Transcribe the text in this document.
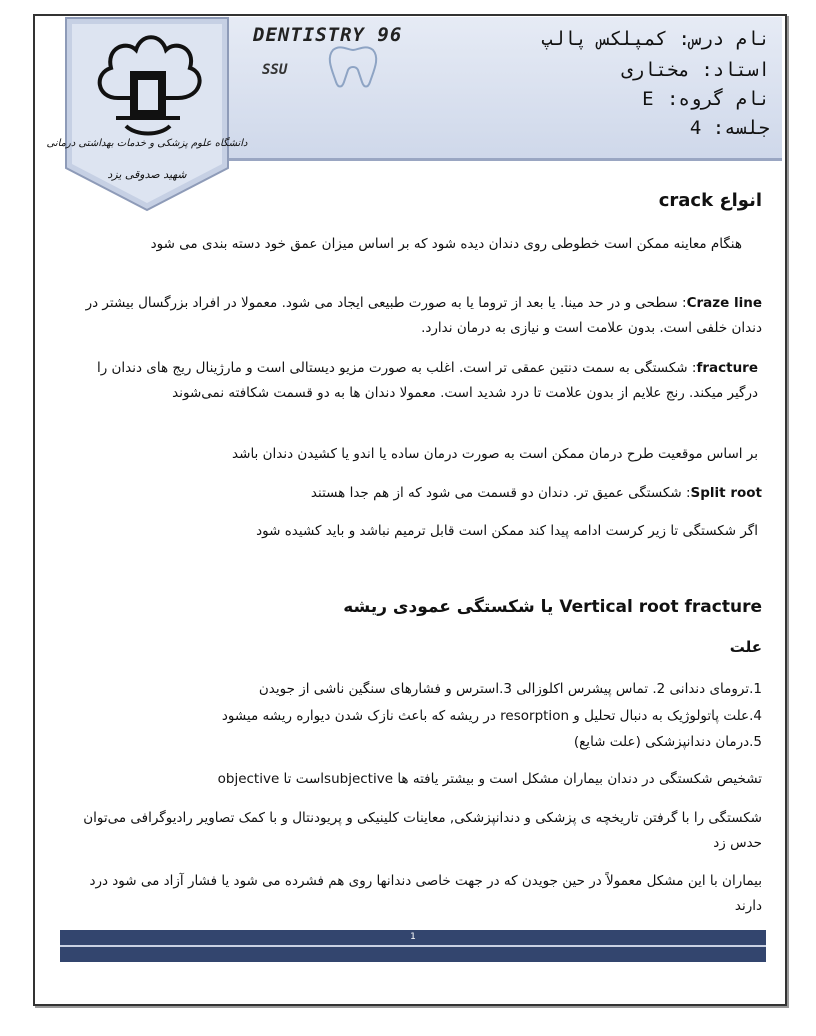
دانشگاه علوم پزشکی و خدمات بهداشتی درمانی
شهید صدوقی یزد
DENTISTRY 96
SSU
نام درس: کمپلکس پالپ
استاد: مختاری
نام گروه: E
جلسه: 4
انواع crack
هنگام معاینه ممکن است خطوطی روی دندان دیده شود که بر اساس میزان عمق خود دسته بندی می شود
Craze line: سطحی و در حد مینا. یا بعد از تروما یا به صورت طبیعی ایجاد می شود. معمولا در افراد بزرگسال بیشتر در دندان خلفی است. بدون علامت است و نیازی به درمان ندارد.
fracture: شکستگی به سمت دنتین عمقی تر است. اغلب به صورت مزیو دیستالی است و مارژینال ریج های دندان را درگیر میکند. رنج علایم از بدون علامت تا درد شدید است. معمولا دندان ها به دو قسمت شکافته نمی‌شوند
بر اساس موقعیت طرح درمان ممکن است به صورت درمان ساده یا اندو یا کشیدن دندان باشد
Split root: شکستگی عمیق تر. دندان دو قسمت می شود که از هم جدا هستند
اگر شکستگی تا زیر کرست ادامه پیدا کند ممکن است قابل ترمیم نباشد و باید کشیده شود
Vertical root fracture یا شکستگی عمودی ریشه
علت
1.ترومای دندانی 2. تماس پیشرس اکلوزالی 3.استرس و فشارهای سنگین ناشی از جویدن
4.علت پاتولوژیک به دنبال تحلیل و resorption در ریشه که باعث نازک شدن دیواره ریشه میشود
5.درمان دندانپزشکی (علت شایع)
تشخیص شکستگی در دندان بیماران مشکل است و بیشتر یافته ها subjectiveاست تا objective
شکستگی را با گرفتن تاریخچه ی پزشکی و دندانپزشکی, معاینات کلینیکی و پریودنتال و با کمک تصاویر رادیوگرافی می‌توان حدس زد
بیماران با این مشکل معمولاً در حین جویدن که در جهت خاصی دندانها روی هم فشرده می شود یا فشار آزاد می شود درد دارند
1
